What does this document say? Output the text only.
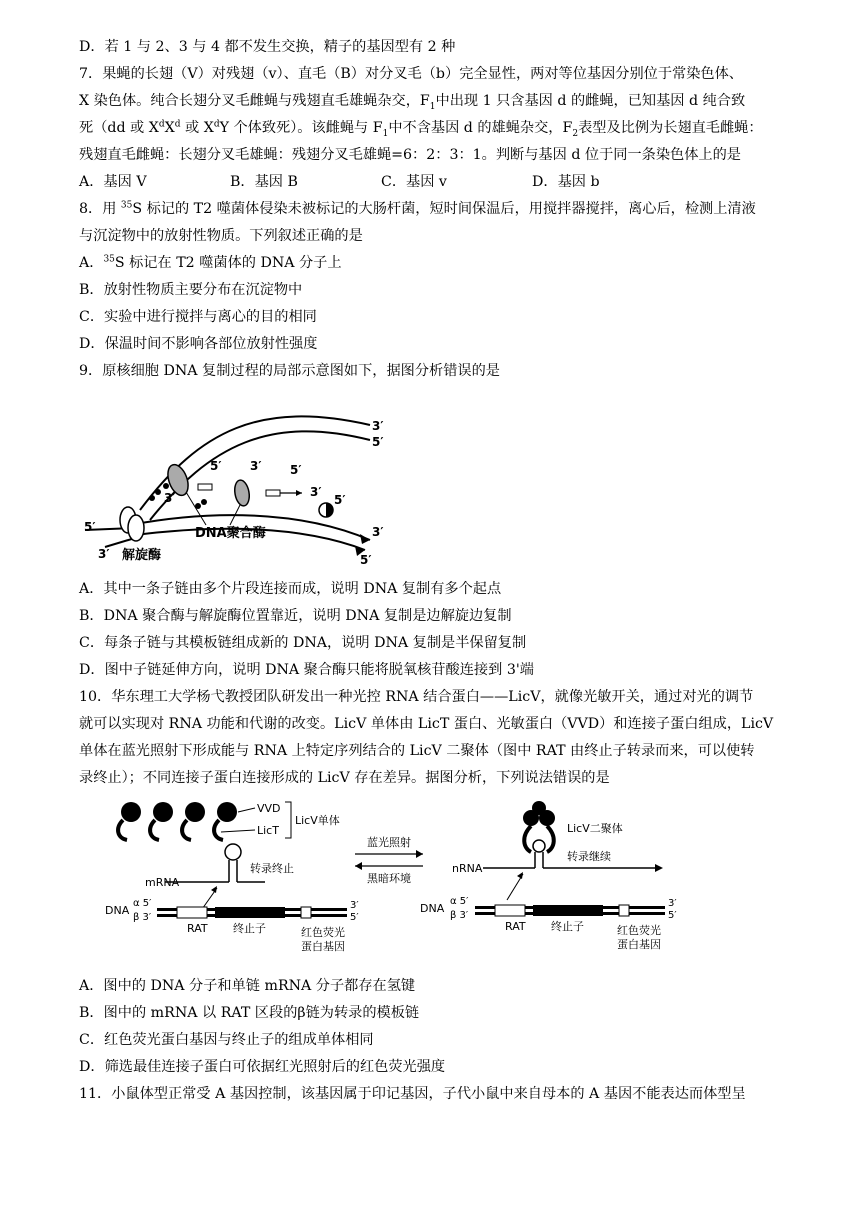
D．若 1 与 2、3 与 4 都不发生交换，精子的基因型有 2 种
7．果蝇的长翅（V）对残翅（v）、直毛（B）对分叉毛（b）完全显性，两对等位基因分别位于常染色体、
X 染色体。纯合长翅分叉毛雌蝇与残翅直毛雄蝇杂交，$F_1$中出现 1 只含基因 d 的雌蝇，已知基因 d 纯合致
死（dd 或 $X^dX^d$ 或 $X^dY$ 个体致死）。该雌蝇与 $F_1$中不含基因 d 的雄蝇杂交，$F_2$表型及比例为长翅直毛雌蝇：
残翅直毛雌蝇：长翅分叉毛雄蝇：残翅分叉毛雄蝇=6：2：3：1。判断与基因 d 位于同一条染色体上的是
A．基因 V	B．基因 B	C．基因 v	D．基因 b
8．用 $^{35}$S 标记的 T2 噬菌体侵染未被标记的大肠杆菌，短时间保温后，用搅拌器搅拌，离心后，检测上清液
与沉淀物中的放射性物质。下列叙述正确的是
A．$^{35}$S 标记在 T2 噬菌体的 DNA 分子上
B．放射性物质主要分布在沉淀物中
C．实验中进行搅拌与离心的目的相同
D．保温时间不影响各部位放射性强度
9．原核细胞 DNA 复制过程的局部示意图如下，据图分析错误的是
3′
5′
3′
5′ 3′ 5′
3′
5′
3′
5′
5′
3′
DNA聚合酶
解旋酶
A．其中一条子链由多个片段连接而成，说明 DNA 复制有多个起点
B．DNA 聚合酶与解旋酶位置靠近，说明 DNA 复制是边解旋边复制
C．每条子链与其模板链组成新的 DNA，说明 DNA 复制是半保留复制
D．图中子链延伸方向，说明 DNA 聚合酶只能将脱氧核苷酸连接到 3'端
10．华东理工大学杨弋教授团队研发出一种光控 RNA 结合蛋白——LicV，就像光敏开关，通过对光的调节
就可以实现对 RNA 功能和代谢的改变。LicV 单体由 LicT 蛋白、光敏蛋白（VVD）和连接子蛋白组成，LicV
单体在蓝光照射下形成能与 RNA 上特定序列结合的 LicV 二聚体（图中 RAT 由终止子转录而来，可以使转
录终止）；不同连接子蛋白连接形成的 LicV 存在差异。据图分析，下列说法错误的是
VVD
LicT
LicV单体
转录终止
mRNA
DNA
α 5′
β 3′
3′
5′
RAT 终止子	红色荧光
蛋白基因
蓝光照射
黑暗环境
LicV二聚体
nRNA
转录继续
DNA
α 5′
β 3′
3′
5′
RAT 终止子	红色荧光
蛋白基因
A．图中的 DNA 分子和单链 mRNA 分子都存在氢键
B．图中的 mRNA 以 RAT 区段的β链为转录的模板链
C．红色荧光蛋白基因与终止子的组成单体相同
D．筛选最佳连接子蛋白可依据红光照射后的红色荧光强度
11．小鼠体型正常受 A 基因控制，该基因属于印记基因，子代小鼠中来自母本的 A 基因不能表达而体型呈
